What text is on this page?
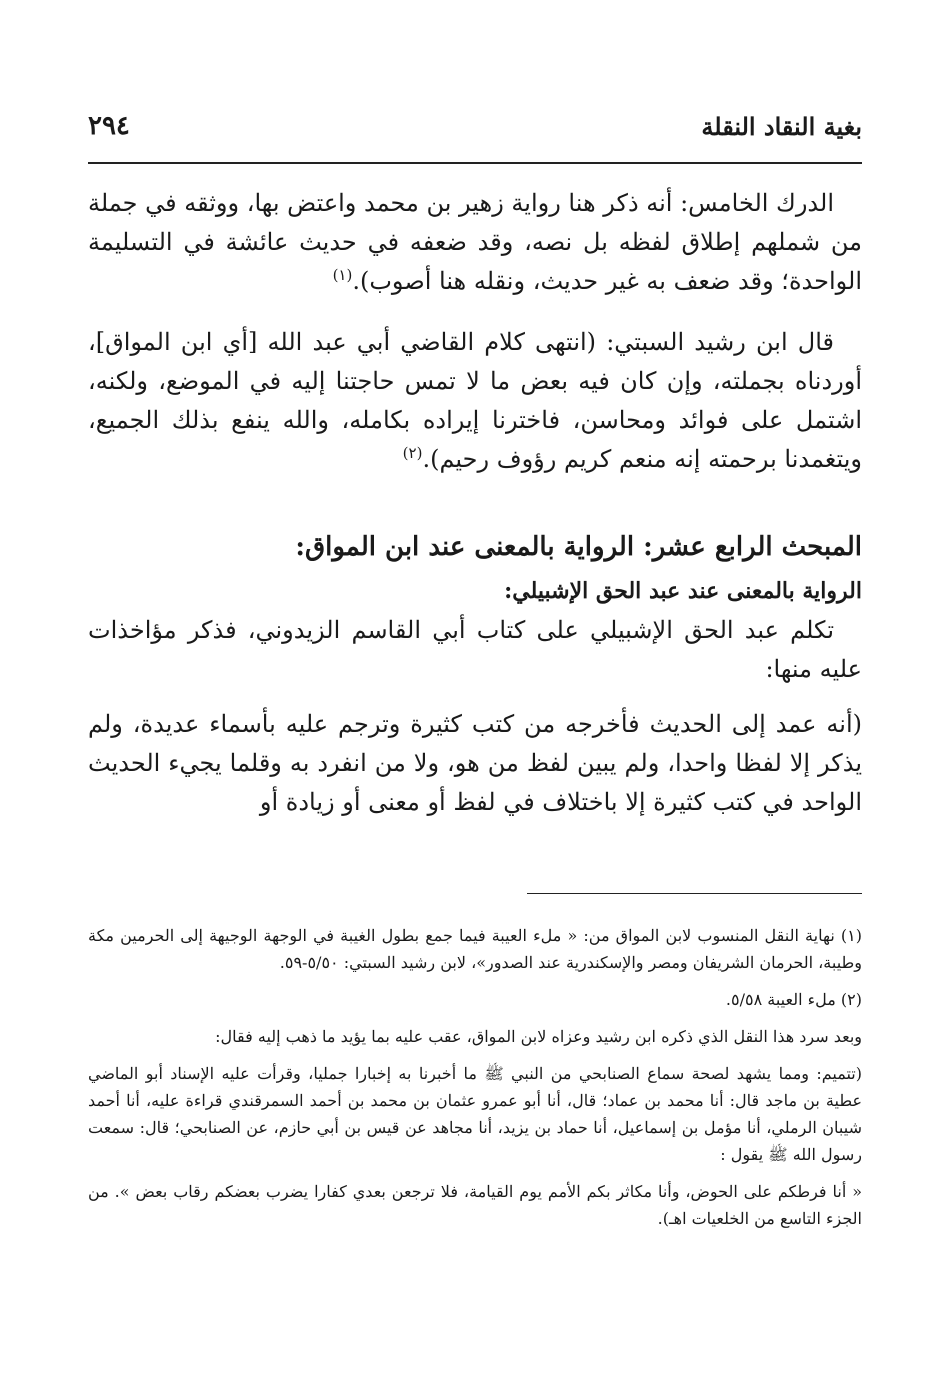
بغية النقاد النقلة
٢٩٤

الدرك الخامس: أنه ذكر هنا رواية زهير بن محمد واعتض بها، ووثقه في جملة من شملهم إطلاق لفظه بل نصه، وقد ضعفه في حديث عائشة في التسليمة الواحدة؛ وقد ضعف به غير حديث، ونقله هنا أصوب).$^{(١)}$

قال ابن رشيد السبتي: (انتهى كلام القاضي أبي عبد الله [أي ابن المواق]، أوردناه بجملته، وإن كان فيه بعض ما لا تمس حاجتنا إليه في الموضع، ولكنه، اشتمل على فوائد ومحاسن، فاخترنا إيراده بكامله، والله ينفع بذلك الجميع، ويتغمدنا برحمته إنه منعم كريم رؤوف رحيم).$^{(٢)}$

المبحث الرابع عشر: الرواية بالمعنى عند ابن المواق:
الرواية بالمعنى عند عبد الحق الإشبيلي:

تكلم عبد الحق الإشبيلي على كتاب أبي القاسم الزيدوني، فذكر مؤاخذات عليه منها:

(أنه عمد إلى الحديث فأخرجه من كتب كثيرة وترجم عليه بأسماء عديدة، ولم يذكر إلا لفظا واحدا، ولم يبين لفظ من هو، ولا من انفرد به وقلما يجيء الحديث الواحد في كتب كثيرة إلا باختلاف في لفظ أو معنى أو زيادة أو

(١) نهاية النقل المنسوب لابن المواق من: « ملء العيبة فيما جمع بطول الغيبة في الوجهة الوجيهة إلى الحرمين مكة وطيبة، الحرمان الشريفان ومصر والإسكندرية عند الصدور»، لابن رشيد السبتي: ٥/٥٠-٥٩.

(٢) ملء العيبة ٥/٥٨.

وبعد سرد هذا النقل الذي ذكره ابن رشيد وعزاه لابن المواق، عقب عليه بما يؤيد ما ذهب إليه فقال:

(تتميم: ومما يشهد لصحة سماع الصنابحي من النبي ﷺ ما أخبرنا به إخبارا جمليا، وقرأت عليه الإسناد أبو الماضي عطية بن ماجد قال: أنا محمد بن عماد؛ قال، أنا أبو عمرو عثمان بن محمد بن أحمد السمرقندي قراءة عليه، أنا أحمد شيبان الرملي، أنا مؤمل بن إسماعيل، أنا حماد بن يزيد، أنا مجاهد عن قيس بن أبي حازم، عن الصنابحي؛ قال: سمعت رسول الله ﷺ يقول :

« أنا فرطكم على الحوض، وأنا مكاثر بكم الأمم يوم القيامة، فلا ترجعن بعدي كفارا يضرب بعضكم رقاب بعض ». من الجزء التاسع من الخلعيات اهـ).
